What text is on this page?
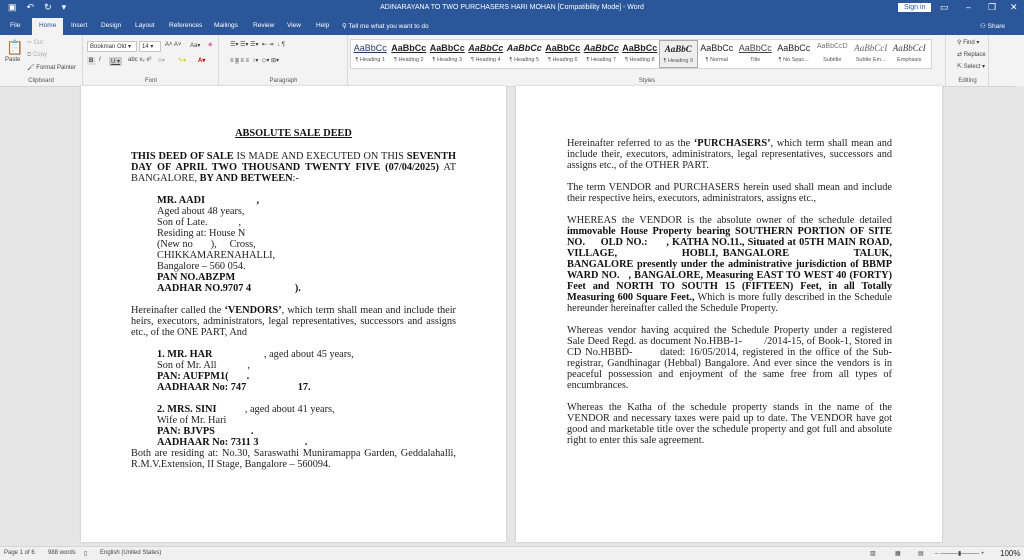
▣ ↶ ↻ ▾	ADINARAYANA TO TWO PURCHASERS HARI MOHAN [Compatibility Mode] - Word	Sign in	▭ – ❐ ✕
File	Home	Insert Design Layout References Mailings Review View Help ⚲ Tell me what you want to do	⚇ Share
📋
Paste
✂ Cut
⧉ Copy
🖌 Format Painter
Clipboard
Bookman Old ▾	14 ▾	A˄ A˅ Aa▾ ◈
B I	U ▾	abc x₂ x² A▾ ✎▾ A▾
Font
☰▾ ☰▾ ☰▾  ⇤ ⇥  ↓ ¶
≡ ≡ ≡ ≡  ↕▾  ◇▾ ⊞▾
Paragraph	Styles
AaBbCc
¶ Heading 1
AaBbCc
¶ Heading 2
AaBbCc
¶ Heading 3
AaBbCc
¶ Heading 4
AaBbCc
¶ Heading 5
AaBbCc
¶ Heading 6
AaBbCc
¶ Heading 7
AaBbCc
¶ Heading 8
AaBbC
¶ Heading 9
AaBbCc
¶ Normal
AaBbCc
Title
AaBbCc
¶ No Spac...
AaBbCcD
Subtitle
AaBbCcI
Subtle Em...
AaBbCcI
Emphasis
⚲ Find ▾
⇄ Replace
⇱ Select ▾
Editing
ABSOLUTE SALE DEED

THIS DEED OF SALE IS MADE AND EXECUTED ON THIS SEVENTH DAY OF APRIL TWO THOUSAND TWENTY FIVE (07/04/2025) AT BANGALORE, BY AND BETWEEN:-

MR. AADI                    ,
Aged about 48 years,
Son of Late.            ,
Residing at: House N
(New no       ),     Cross,
CHIKKAMARENAHALLI,
Bangalore – 560 054.
PAN NO.ABZPM
AADHAR NO.9707 4                 ).

Hereinafter called the ‘VENDORS’, which term shall mean and include their heirs, executors, administrators, legal representatives, successors and assigns etc., of the ONE PART, And

1. MR. HAR                    , aged about 45 years,
Son of Mr. All            ,
PAN: AUFPM1(       .
AADHAAR No: 747                    17.
2. MRS. SINI           , aged about 41 years,
Wife of Mr. Hari
PAN: BJVPS              .
AADHAAR No: 7311 3                  .

Both are residing at: No.30, Saraswathi Muniramappa Garden, Geddalahalli, R.M.V.Extension, II Stage, Bangalore – 560094.

Hereinafter referred to as the ‘PURCHASERS’, which term shall mean and include their, executors, administrators, legal representatives, successors and assigns etc., of the OTHER PART.

The term VENDOR and PURCHASERS herein used shall mean and include their respective heirs, executors, administrators, assigns etc.,

WHEREAS the VENDOR is the absolute owner of the schedule detailed immovable House Property bearing SOUTHERN PORTION OF SITE NO.     OLD NO.:      , KATHA NO.11., Situated at 05TH MAIN ROAD,                                   VILLAGE,              HOBLI, BANGALORE              TALUK, BANGALORE presently under the administrative jurisdiction of BBMP WARD NO.   , BANGALORE, Measuring EAST TO WEST 40 (FORTY) Feet and NORTH TO SOUTH 15 (FIFTEEN) Feet, in all Totally Measuring 600 Square Feet., Which is more fully described in the Schedule hereunder hereinafter called the Schedule Property.

Whereas vendor having acquired the Schedule Property under a registered Sale Deed Regd. as document No.HBB-1-        /2014-15, of Book-1, Stored in CD No.HBBD-       dated: 16/05/2014, registered in the office of the Sub-registrar, Gandhinagar (Hebbal) Bangalore. And ever since the vendors is in peaceful possession and enjoyment of the same free from all types of encumbrances.

Whereas the Katha of the schedule property stands in the name of the VENDOR and necessary taxes were paid up to date. The VENDOR have got good and marketable title over the schedule property and got full and absolute right to enter this sale agreement.

Page 1 of 6 988 words ▯ English (United States)	▥	▦	▤ – ———▮——— + 100%
